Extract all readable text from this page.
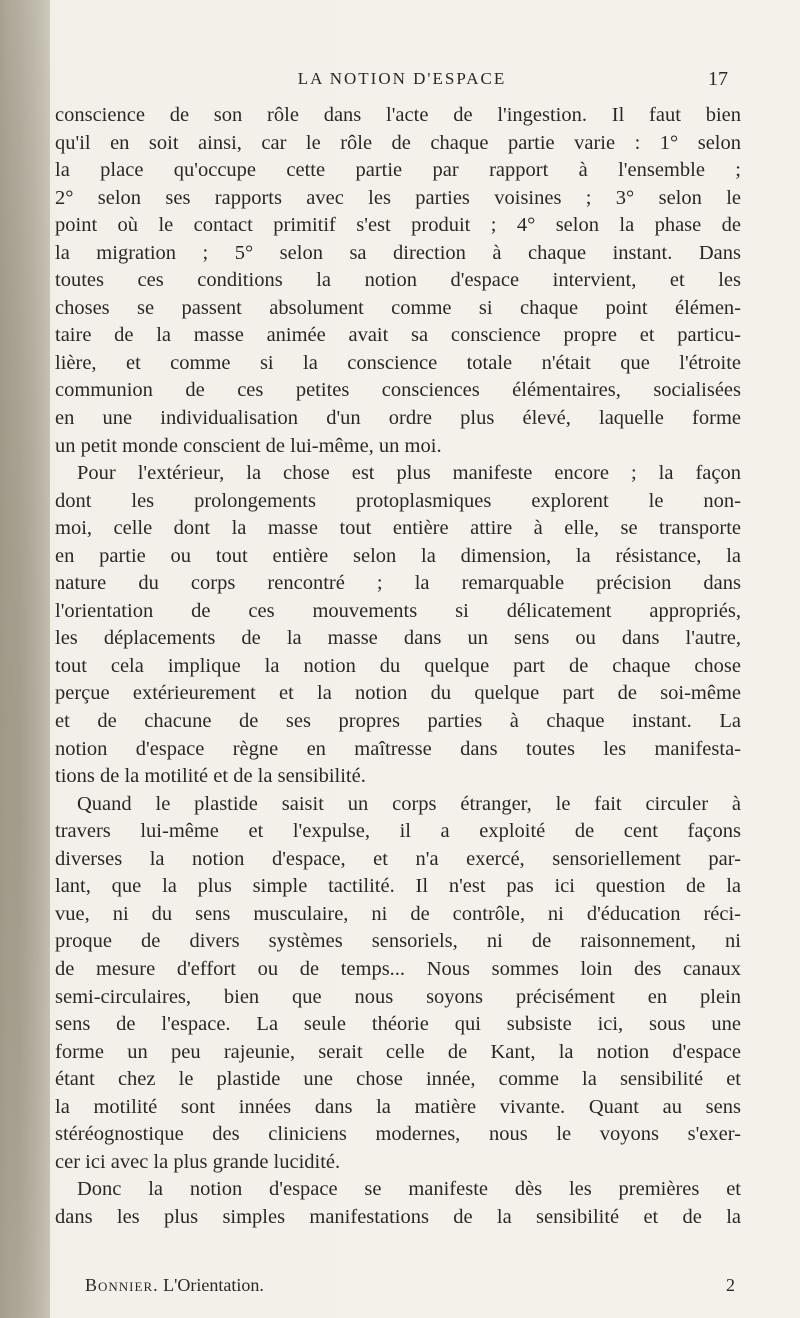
LA NOTION D'ESPACE	17
conscience de son rôle dans l'acte de l'ingestion. Il faut bien
qu'il en soit ainsi, car le rôle de chaque partie varie : 1° selon
la place qu'occupe cette partie par rapport à l'ensemble ;
2° selon ses rapports avec les parties voisines ; 3° selon le
point où le contact primitif s'est produit ; 4° selon la phase de
la migration ; 5° selon sa direction à chaque instant. Dans
toutes ces conditions la notion d'espace intervient, et les
choses se passent absolument comme si chaque point élémen-
taire de la masse animée avait sa conscience propre et particu-
lière, et comme si la conscience totale n'était que l'étroite
communion de ces petites consciences élémentaires, socialisées
en une individualisation d'un ordre plus élevé, laquelle forme
un petit monde conscient de lui-même, un moi.
Pour l'extérieur, la chose est plus manifeste encore ; la façon
dont les prolongements protoplasmiques explorent le non-
moi, celle dont la masse tout entière attire à elle, se transporte
en partie ou tout entière selon la dimension, la résistance, la
nature du corps rencontré ; la remarquable précision dans
l'orientation de ces mouvements si délicatement appropriés,
les déplacements de la masse dans un sens ou dans l'autre,
tout cela implique la notion du quelque part de chaque chose
perçue extérieurement et la notion du quelque part de soi-même
et de chacune de ses propres parties à chaque instant. La
notion d'espace règne en maîtresse dans toutes les manifesta-
tions de la motilité et de la sensibilité.
Quand le plastide saisit un corps étranger, le fait circuler à
travers lui-même et l'expulse, il a exploité de cent façons
diverses la notion d'espace, et n'a exercé, sensoriellement par-
lant, que la plus simple tactilité. Il n'est pas ici question de la
vue, ni du sens musculaire, ni de contrôle, ni d'éducation réci-
proque de divers systèmes sensoriels, ni de raisonnement, ni
de mesure d'effort ou de temps... Nous sommes loin des canaux
semi-circulaires, bien que nous soyons précisément en plein
sens de l'espace. La seule théorie qui subsiste ici, sous une
forme un peu rajeunie, serait celle de Kant, la notion d'espace
étant chez le plastide une chose innée, comme la sensibilité et
la motilité sont innées dans la matière vivante. Quant au sens
stéréognostique des cliniciens modernes, nous le voyons s'exer-
cer ici avec la plus grande lucidité.
Donc la notion d'espace se manifeste dès les premières et
dans les plus simples manifestations de la sensibilité et de la
Bonnier. L'Orientation.	2
